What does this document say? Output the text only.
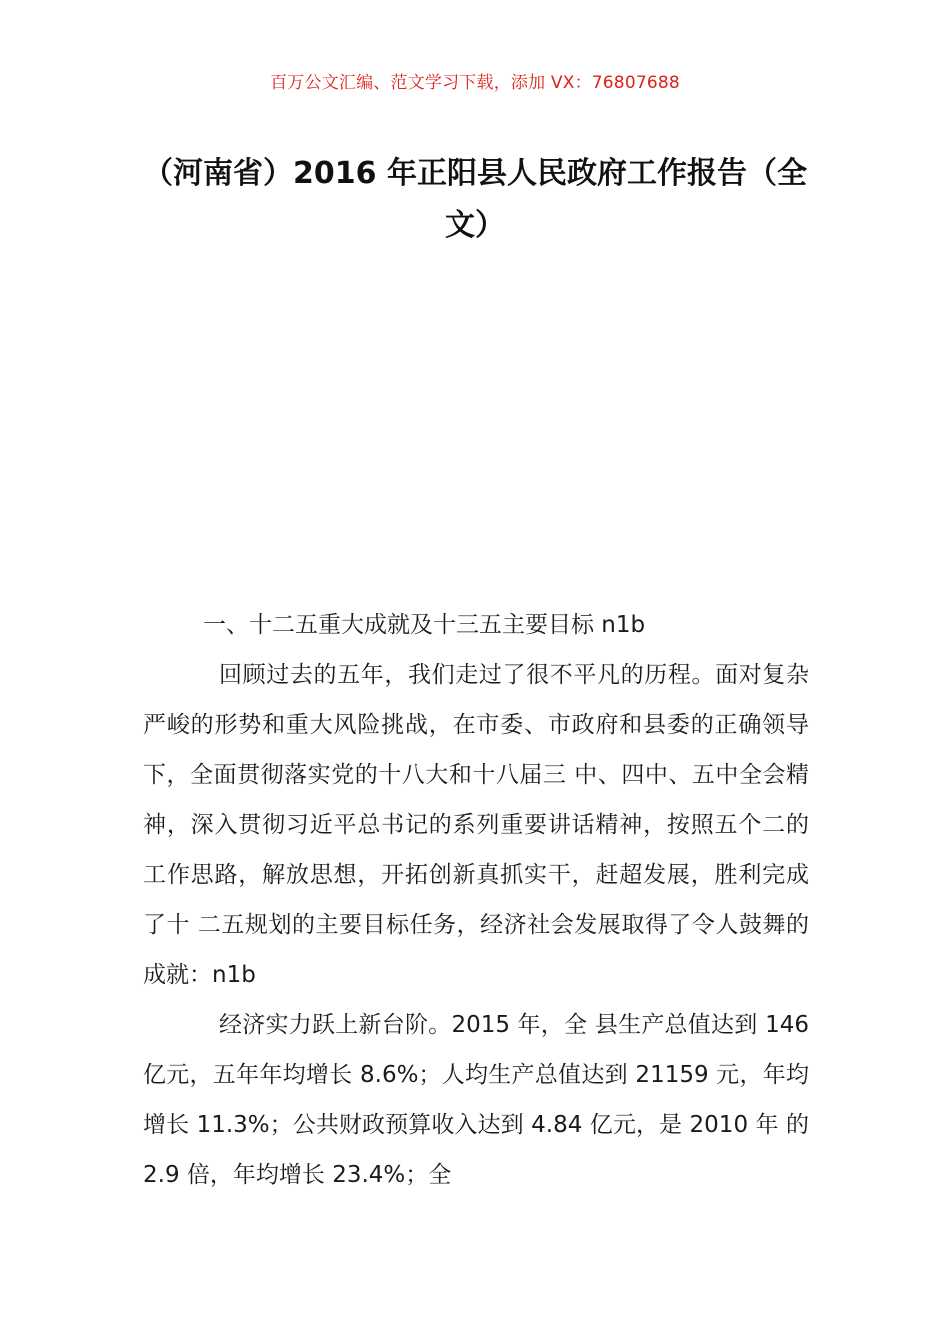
百万公文汇编、范文学习下载，添加 VX：76807688
（河南省）2016 年正阳县人民政府工作报告（全文）

一、十二五重大成就及十三五主要目标 n1b

回顾过去的五年，我们走过了很不平凡的历程。面对复杂严峻的形势和重大风险挑战，在市委、市政府和县委的正确领导下，全面贯彻落实党的十八大和十八届三 中、四中、五中全会精神，深入贯彻习近平总书记的系列重要讲话精神，按照五个二的工作思路，解放思想，开拓创新真抓实干，赶超发展，胜利完成了十 二五规划的主要目标任务，经济社会发展取得了令人鼓舞的成就：n1b

经济实力跃上新台阶。2015 年，全 县生产总值达到 146 亿元，五年年均增长 8.6%；人均生产总值达到 21159 元，年均增长 11.3%；公共财政预算收入达到 4.84 亿元，是 2010 年 的 2.9 倍，年均增长 23.4%；全
